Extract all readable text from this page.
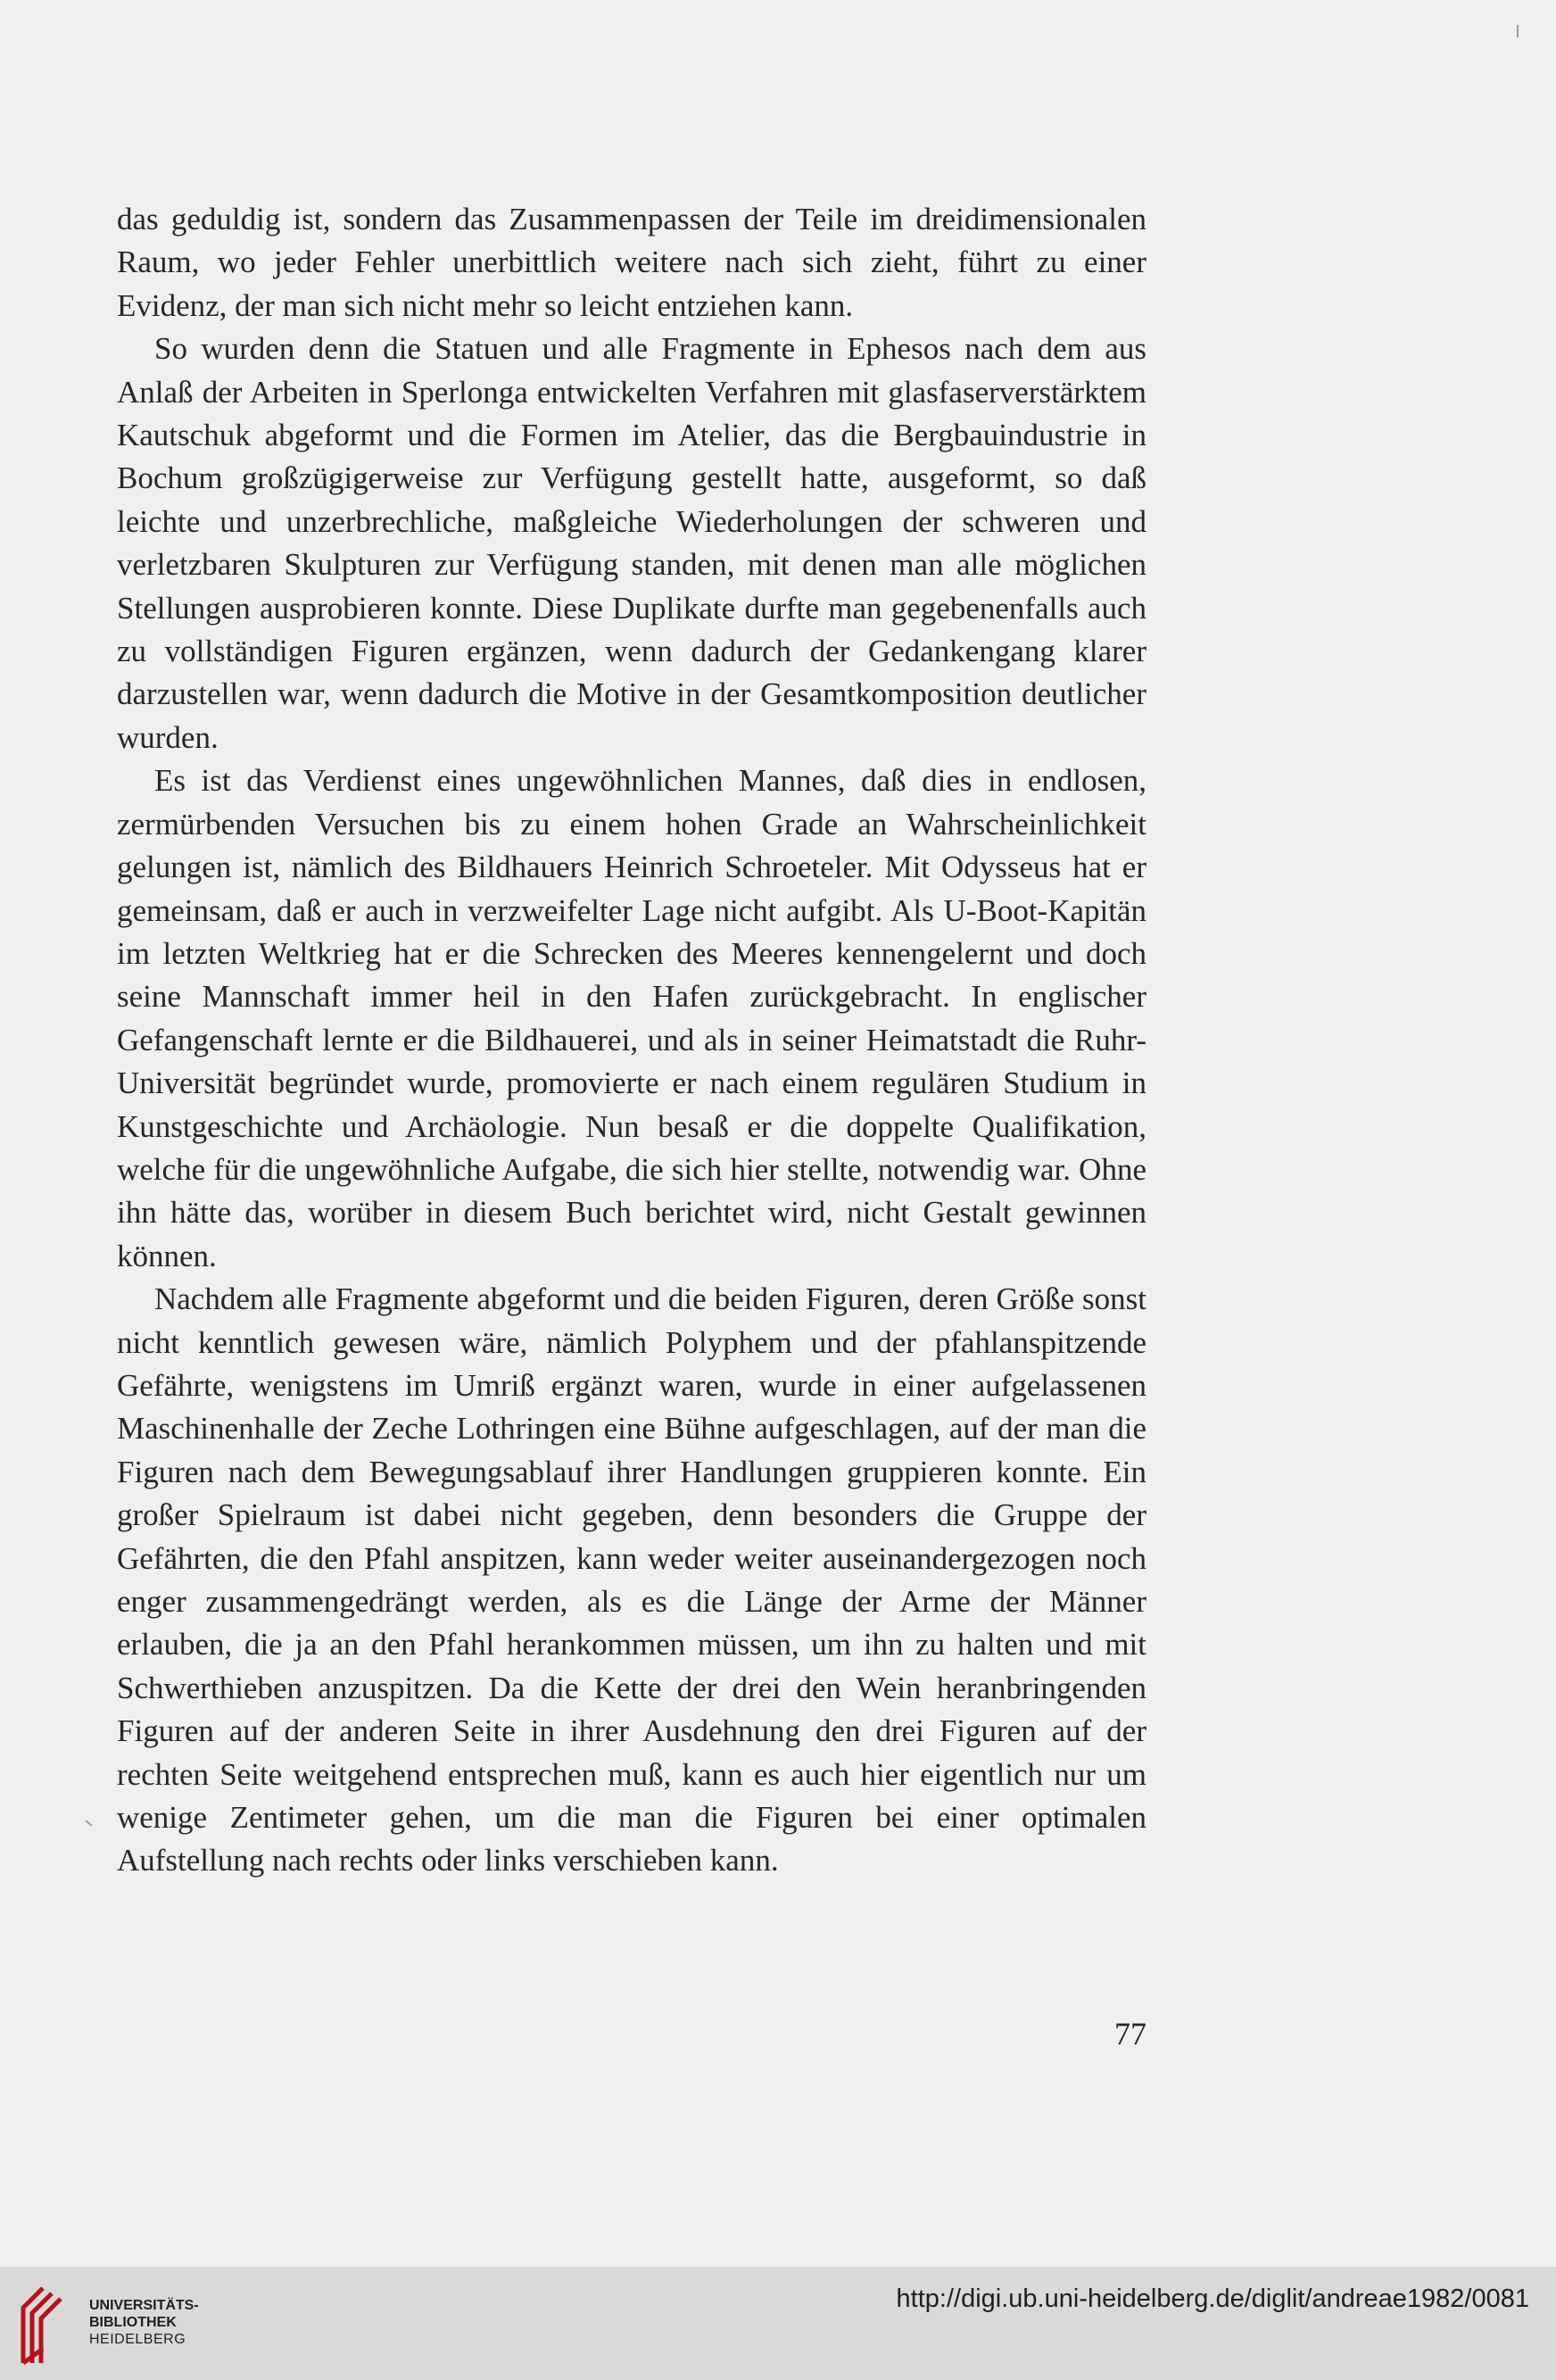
das geduldig ist, sondern das Zusammenpassen der Teile im dreidimensionalen Raum, wo jeder Fehler unerbittlich weitere nach sich zieht, führt zu einer Evidenz, der man sich nicht mehr so leicht entziehen kann.

So wurden denn die Statuen und alle Fragmente in Ephesos nach dem aus Anlaß der Arbeiten in Sperlonga entwickelten Verfahren mit glasfaserverstärktem Kautschuk abgeformt und die Formen im Atelier, das die Bergbauindustrie in Bochum großzügigerweise zur Verfügung gestellt hatte, ausgeformt, so daß leichte und unzerbrechliche, maßgleiche Wiederholungen der schweren und verletzbaren Skulpturen zur Verfügung standen, mit denen man alle möglichen Stellungen ausprobieren konnte. Diese Duplikate durfte man gegebenenfalls auch zu vollständigen Figuren ergänzen, wenn dadurch der Gedankengang klarer darzustellen war, wenn dadurch die Motive in der Gesamtkomposition deutlicher wurden.

Es ist das Verdienst eines ungewöhnlichen Mannes, daß dies in endlosen, zermürbenden Versuchen bis zu einem hohen Grade an Wahrscheinlichkeit gelungen ist, nämlich des Bildhauers Heinrich Schroeteler. Mit Odysseus hat er gemeinsam, daß er auch in verzweifelter Lage nicht aufgibt. Als U-Boot-Kapitän im letzten Weltkrieg hat er die Schrecken des Meeres kennengelernt und doch seine Mannschaft immer heil in den Hafen zurückgebracht. In englischer Gefangenschaft lernte er die Bildhauerei, und als in seiner Heimatstadt die Ruhr-Universität begründet wurde, promovierte er nach einem regulären Studium in Kunstgeschichte und Archäologie. Nun besaß er die doppelte Qualifikation, welche für die ungewöhnliche Aufgabe, die sich hier stellte, notwendig war. Ohne ihn hätte das, worüber in diesem Buch berichtet wird, nicht Gestalt gewinnen können.

Nachdem alle Fragmente abgeformt und die beiden Figuren, deren Größe sonst nicht kenntlich gewesen wäre, nämlich Polyphem und der pfahlanspitzende Gefährte, wenigstens im Umriß ergänzt waren, wurde in einer aufgelassenen Maschinenhalle der Zeche Lothringen eine Bühne aufgeschlagen, auf der man die Figuren nach dem Bewegungsablauf ihrer Handlungen gruppieren konnte. Ein großer Spielraum ist dabei nicht gegeben, denn besonders die Gruppe der Gefährten, die den Pfahl anspitzen, kann weder weiter auseinandergezogen noch enger zusammengedrängt werden, als es die Länge der Arme der Männer erlauben, die ja an den Pfahl herankommen müssen, um ihn zu halten und mit Schwerthieben anzuspitzen. Da die Kette der drei den Wein heranbringenden Figuren auf der anderen Seite in ihrer Ausdehnung den drei Figuren auf der rechten Seite weitgehend entsprechen muß, kann es auch hier eigentlich nur um wenige Zentimeter gehen, um die man die Figuren bei einer optimalen Aufstellung nach rechts oder links verschieben kann.

77
UNIVERSITÄTS-
BIBLIOTHEK
HEIDELBERG
http://digi.ub.uni-heidelberg.de/diglit/andreae1982/0081
